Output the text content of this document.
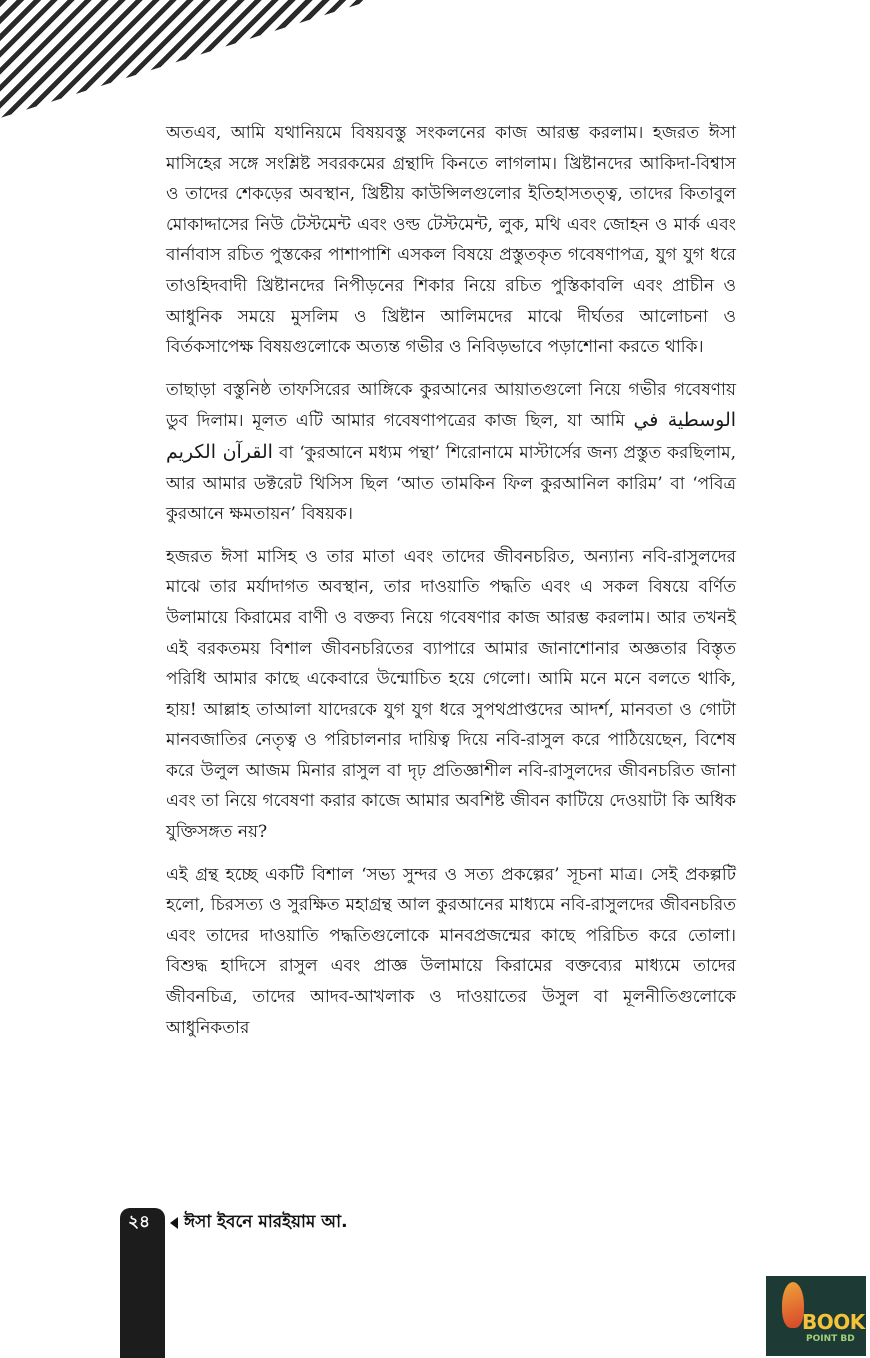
অতএব, আমি যথানিয়মে বিষয়বস্তু সংকলনের কাজ আরম্ভ করলাম। হজরত ঈসা মাসিহের সঙ্গে সংশ্লিষ্ট সবরকমের গ্রন্থাদি কিনতে লাগলাম। খ্রিষ্টানদের আকিদা-বিশ্বাস ও তাদের শেকড়ের অবস্থান, খ্রিষ্টীয় কাউন্সিলগুলোর ইতিহাসতত্ত্ব, তাদের কিতাবুল মোকাদ্দাসের নিউ টেস্টমেন্ট এবং ওল্ড টেস্টমেন্ট, লুক, মথি এবং জোহন ও মার্ক এবং বার্নাবাস রচিত পুস্তকের পাশাপাশি এসকল বিষয়ে প্রস্তুতকৃত গবেষণাপত্র, যুগ যুগ ধরে তাওহিদবাদী খ্রিষ্টানদের নিপীড়নের শিকার নিয়ে রচিত পুস্তিকাবলি এবং প্রাচীন ও আধুনিক সময়ে মুসলিম ও খ্রিষ্টান আলিমদের মাঝে দীর্ঘতর আলোচনা ও বির্তকসাপেক্ষ বিষয়গুলোকে অত্যন্ত গভীর ও নিবিড়ভাবে পড়াশোনা করতে থাকি।

তাছাড়া বস্তুনিষ্ঠ তাফসিরের আঙ্গিকে কুরআনের আয়াতগুলো নিয়ে গভীর গবেষণায় ডুব দিলাম। মূলত এটি আমার গবেষণাপত্রের কাজ ছিল, যা আমি الوسطية في القرآن الكريم বা ‘কুরআনে মধ্যম পন্থা’ শিরোনামে মাস্টার্সের জন্য প্রস্তুত করছিলাম, আর আমার ডক্টরেট থিসিস ছিল ‘আত তামকিন ফিল কুরআনিল কারিম’ বা ‘পবিত্র কুরআনে ক্ষমতায়ন’ বিষয়ক।

হজরত ঈসা মাসিহ ও তার মাতা এবং তাদের জীবনচরিত, অন্যান্য নবি-রাসুলদের মাঝে তার মর্যাদাগত অবস্থান, তার দাওয়াতি পদ্ধতি এবং এ সকল বিষয়ে বর্ণিত উলামায়ে কিরামের বাণী ও বক্তব্য নিয়ে গবেষণার কাজ আরম্ভ করলাম। আর তখনই এই বরকতময় বিশাল জীবনচরিতের ব্যাপারে আমার জানাশোনার অজ্ঞতার বিস্তৃত পরিধি আমার কাছে একেবারে উন্মোচিত হয়ে গেলো। আমি মনে মনে বলতে থাকি, হায়! আল্লাহ তাআলা যাদেরকে যুগ যুগ ধরে সুপথপ্রাপ্তদের আদর্শ, মানবতা ও গোটা মানবজাতির নেতৃত্ব ও পরিচালনার দায়িত্ব দিয়ে নবি-রাসুল করে পাঠিয়েছেন, বিশেষ করে উলুল আজম মিনার রাসুল বা দৃঢ় প্রতিজ্ঞাশীল নবি-রাসুলদের জীবনচরিত জানা এবং তা নিয়ে গবেষণা করার কাজে আমার অবশিষ্ট জীবন কাটিয়ে দেওয়াটা কি অধিক যুক্তিসঙ্গত নয়?

এই গ্রন্থ হচ্ছে একটি বিশাল ‘সভ্য সুন্দর ও সত্য প্রকল্পের’ সূচনা মাত্র। সেই প্রকল্পটি হলো, চিরসত্য ও সুরক্ষিত মহাগ্রন্থ আল কুরআনের মাধ্যমে নবি-রাসুলদের জীবনচরিত এবং তাদের দাওয়াতি পদ্ধতিগুলোকে মানবপ্রজন্মের কাছে পরিচিত করে তোলা। বিশুদ্ধ হাদিসে রাসুল এবং প্রাজ্ঞ উলামায়ে কিরামের বক্তব্যের মাধ্যমে তাদের জীবনচিত্র, তাদের আদব-আখলাক ও দাওয়াতের উসুল বা মূলনীতিগুলোকে আধুনিকতার

২৪ ঈসা ইবনে মারইয়াম আ.
BOOK
POINT BD
